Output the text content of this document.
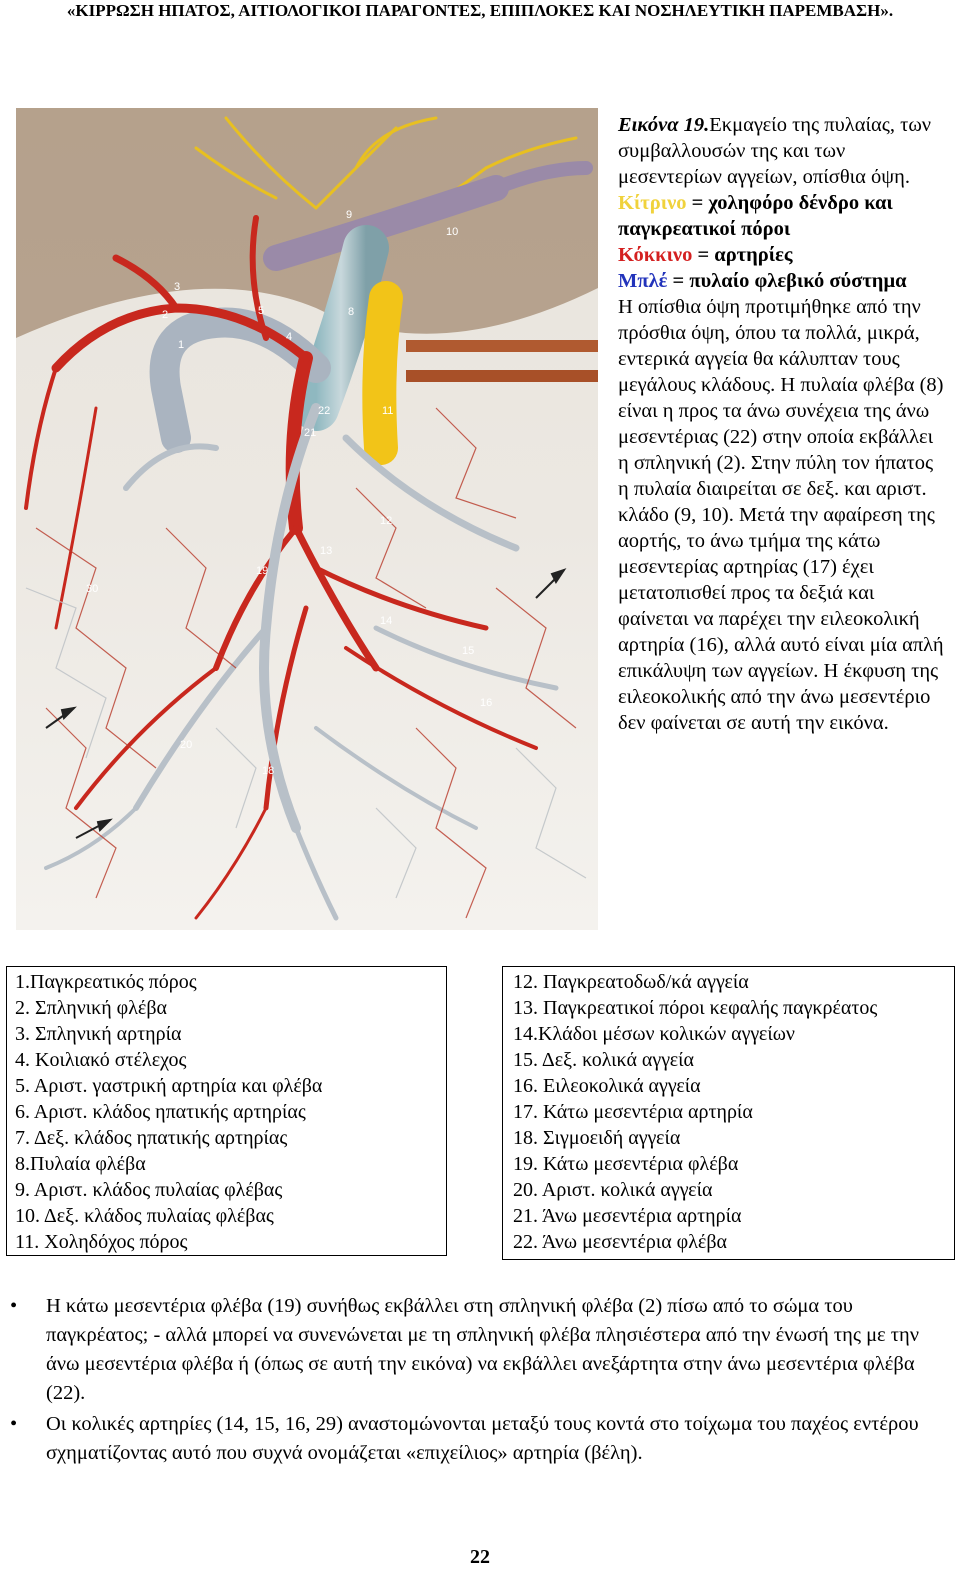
«ΚΙΡΡΩΣΗ ΗΠΑΤΟΣ, ΑΙΤΙΟΛΟΓΙΚΟΙ ΠΑΡΑΓΟΝΤΕΣ, ΕΠΙΠΛΟΚΕΣ ΚΑΙ ΝΟΣΗΛΕΥΤΙΚΗ ΠΑΡΕΜΒΑΣΗ».
1
2
3
4
5	8
9
10
11
12
13
14
15
16
18
19
20
21
22
30

Εικόνα 19.Εκμαγείο της πυλαίας, των συμβαλλουσών της και των μεσεντερίων αγγείων, οπίσθια όψη.

Κίτρινο = χοληφόρο δένδρο και παγκρεατικοί πόροι

Κόκκινο = αρτηρίες

Μπλέ = πυλαίο φλεβικό σύστημα

Η οπίσθια όψη προτιμήθηκε από την πρόσθια όψη, όπου τα πολλά, μικρά, εντερικά αγγεία θα κάλυπταν τους μεγάλους κλάδους. Η πυλαία φλέβα (8) είναι η προς τα άνω συνέχεια της άνω μεσεντέριας (22) στην οποία εκβάλλει η σπληνική (2). Στην πύλη τον ήπατος η πυλαία διαιρείται σε δεξ. και αριστ. κλάδο (9, 10). Μετά την αφαίρεση της αορτής, το άνω τμήμα της κάτω μεσεντερίας αρτηρίας (17) έχει μετατοπισθεί προς τα δεξιά και φαίνεται να παρέχει την ειλεοκολική αρτηρία (16), αλλά αυτό είναι μία απλή επικάλυψη των αγγείων. Η έκφυση της ειλεοκολικής από την άνω μεσεντέριο δεν φαίνεται σε αυτή την εικόνα.

1.Παγκρεατικός πόρος
2. Σπληνική φλέβα
3. Σπληνική αρτηρία
4. Κοιλιακό στέλεχος
5. Αριστ. γαστρική αρτηρία και φλέβα
6. Αριστ. κλάδος ηπατικής αρτηρίας
7. Δεξ. κλάδος ηπατικής αρτηρίας
8.Πυλαία φλέβα
9. Αριστ. κλάδος πυλαίας φλέβας
10. Δεξ. κλάδος πυλαίας φλέβας
11. Χοληδόχος πόρος
12. Παγκρεατοδωδ/κά αγγεία
13. Παγκρεατικοί πόροι κεφαλής παγκρέατος
14.Κλάδοι μέσων κολικών αγγείων
15. Δεξ. κολικά αγγεία
16. Ειλεοκολικά αγγεία
17. Κάτω μεσεντέρια αρτηρία
18. Σιγμοειδή αγγεία
19. Κάτω μεσεντέρια φλέβα
20. Αριστ. κολικά αγγεία
21. Άνω μεσεντέρια αρτηρία
22. Άνω μεσεντέρια φλέβα
• Η κάτω μεσεντέρια φλέβα (19) συνήθως εκβάλλει στη σπληνική φλέβα (2) πίσω από το σώμα του παγκρέατος; - αλλά μπορεί να συνενώνεται με τη σπληνική φλέβα πλησιέστερα από την ένωσή της με την άνω μεσεντέρια φλέβα ή (όπως σε αυτή την εικόνα) να εκβάλλει ανεξάρτητα στην άνω μεσεντέρια φλέβα (22).
• Οι κολικές αρτηρίες (14, 15, 16, 29) αναστομώνονται μεταξύ τους κοντά στο τοίχωμα του παχέος εντέρου σχηματίζοντας αυτό που συχνά ονομάζεται «επιχείλιος» αρτηρία (βέλη).
22
